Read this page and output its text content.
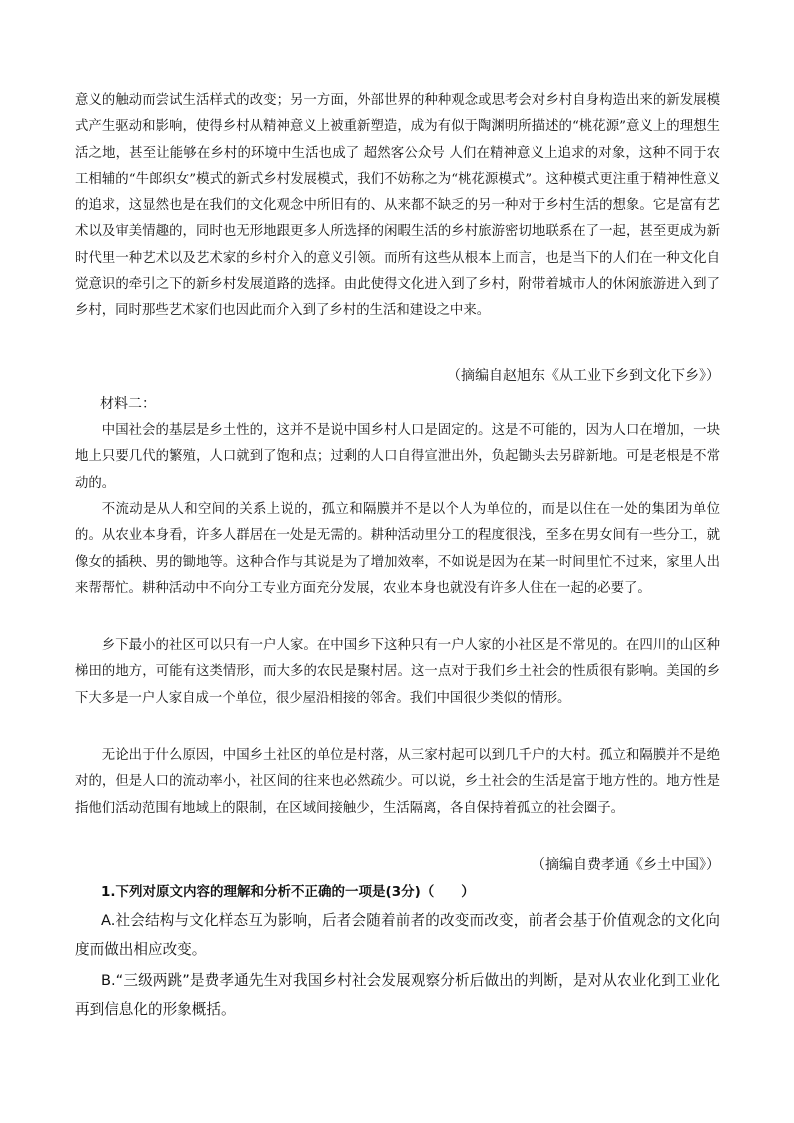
意义的触动而尝试生活样式的改变；另一方面，外部世界的种种观念或思考会对乡村自身构造出来的新发展模式产生驱动和影响，使得乡村从精神意义上被重新塑造，成为有似于陶渊明所描述的“桃花源”意义上的理想生活之地，甚至让能够在乡村的环境中生活也成了 超然客公众号 人们在精神意义上追求的对象，这种不同于农工相辅的“牛郎织女”模式的新式乡村发展模式，我们不妨称之为“桃花源模式”。这种模式更注重于精神性意义的追求，这显然也是在我们的文化观念中所旧有的、从来都不缺乏的另一种对于乡村生活的想象。它是富有艺术以及审美情趣的，同时也无形地跟更多人所选择的闲暇生活的乡村旅游密切地联系在了一起，甚至更成为新时代里一种艺术以及艺术家的乡村介入的意义引领。而所有这些从根本上而言，也是当下的人们在一种文化自觉意识的牵引之下的新乡村发展道路的选择。由此使得文化进入到了乡村，附带着城市人的休闲旅游进入到了乡村，同时那些艺术家们也因此而介入到了乡村的生活和建设之中来。

（摘编自赵旭东《从工业下乡到文化下乡》）

材料二：

中国社会的基层是乡土性的，这并不是说中国乡村人口是固定的。这是不可能的，因为人口在增加，一块地上只要几代的繁殖，人口就到了饱和点；过剩的人口自得宣泄出外，负起锄头去另辟新地。可是老根是不常动的。

不流动是从人和空间的关系上说的，孤立和隔膜并不是以个人为单位的，而是以住在一处的集团为单位的。从农业本身看，许多人群居在一处是无需的。耕种活动里分工的程度很浅，至多在男女间有一些分工，就像女的插秧、男的锄地等。这种合作与其说是为了增加效率，不如说是因为在某一时间里忙不过来，家里人出来帮帮忙。耕种活动中不向分工专业方面充分发展，农业本身也就没有许多人住在一起的必要了。

乡下最小的社区可以只有一户人家。在中国乡下这种只有一户人家的小社区是不常见的。在四川的山区种梯田的地方，可能有这类情形，而大多的农民是聚村居。这一点对于我们乡土社会的性质很有影响。美国的乡下大多是一户人家自成一个单位，很少屋沿相接的邻舍。我们中国很少类似的情形。

无论出于什么原因，中国乡土社区的单位是村落，从三家村起可以到几千户的大村。孤立和隔膜并不是绝对的，但是人口的流动率小，社区间的往来也必然疏少。可以说，乡土社会的生活是富于地方性的。地方性是指他们活动范围有地域上的限制，在区域间接触少，生活隔离，各自保持着孤立的社会圈子。

（摘编自费孝通《乡土中国》）

1.下列对原文内容的理解和分析不正确的一项是(3分)（　　）

A.社会结构与文化样态互为影响，后者会随着前者的改变而改变，前者会基于价值观念的文化向度而做出相应改变。

B.“三级两跳”是费孝通先生对我国乡村社会发展观察分析后做出的判断，是对从农业化到工业化再到信息化的形象概括。
